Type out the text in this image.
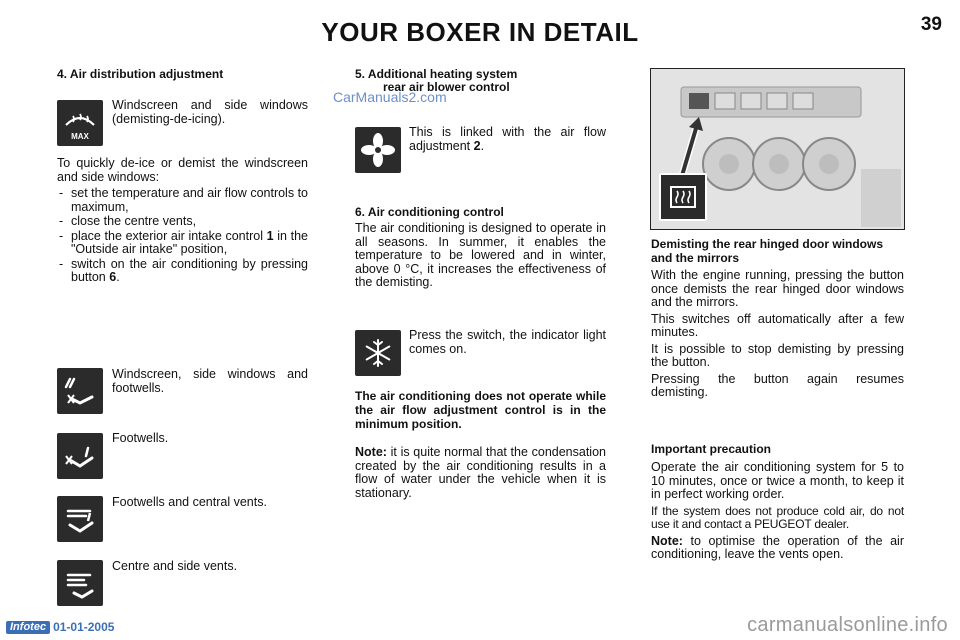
YOUR BOXER IN DETAIL	39
4. Air distribution adjustment
MAX
Windscreen and side windows (demisting-de-icing).
To quickly de-ice or demist the windscreen and side windows:
- set the temperature and air flow controls to maximum,
- close the centre vents,
- place the exterior air intake control 1 in the "Outside air intake" position,
- switch on the air conditioning by pressing button 6.
Windscreen, side windows and footwells.
Footwells.
Footwells and central vents.
Centre and side vents.
5. Additional heating system
rear air blower control
CarManuals2.com
This is linked with the air flow adjustment 2.
6. Air conditioning control
The air conditioning is designed to operate in all seasons. In summer, it enables the temperature to be lowered and in winter, above 0 °C, it increases the effectiveness of the demisting.
Press the switch, the indicator light comes on.
The air conditioning does not operate while the air flow adjustment control is in the minimum position.
Note: it is quite normal that the condensation created by the air conditioning results in a flow of water under the vehicle when it is stationary.
Demisting the rear hinged door windows and the mirrors
With the engine running, pressing the button once demists the rear hinged door windows and the mirrors.
This switches off automatically after a few minutes.
It is possible to stop demisting by pressing the button.
Pressing the button again resumes demisting.
Important precaution
Operate the air conditioning system for 5 to 10 minutes, once or twice a month, to keep it in perfect working order.
If the system does not produce cold air, do not use it and contact a PEUGEOT dealer.
Note: to optimise the operation of the air conditioning, leave the vents open.
Infotec 01-01-2005	carmanualsonline.info
